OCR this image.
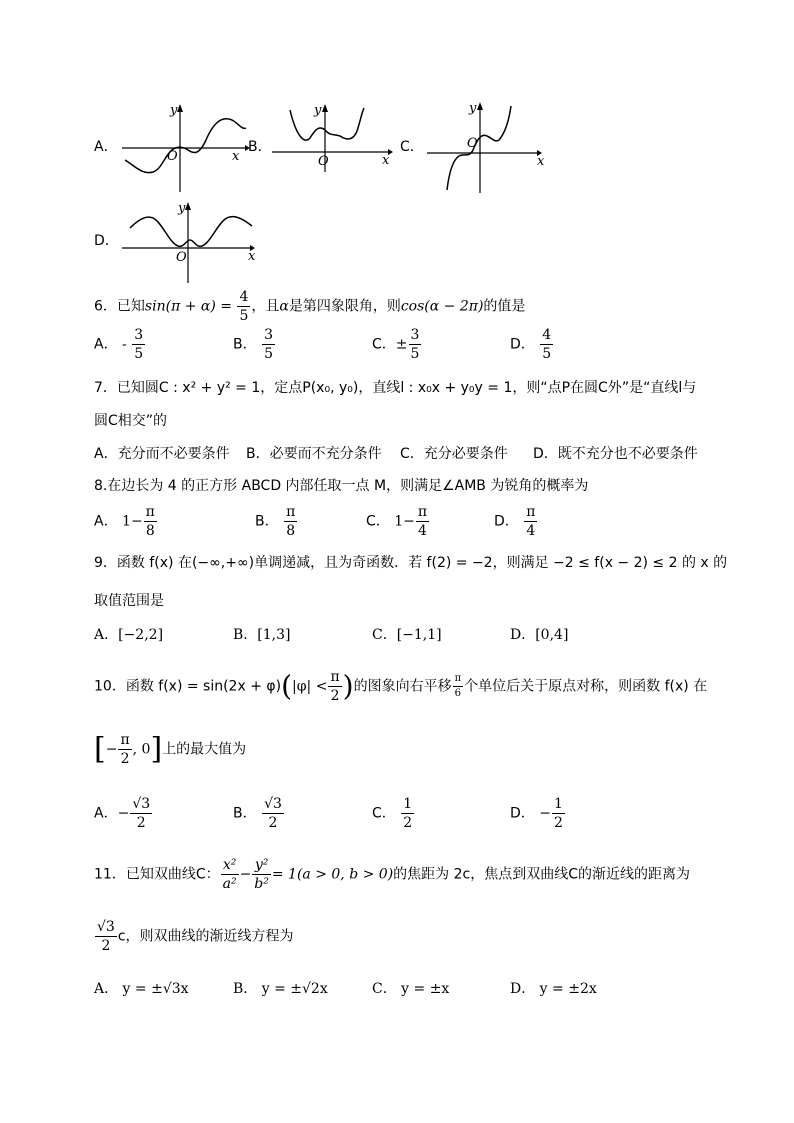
A．
x
y
O
B．
x
y
O
C．
x
y
O
D．
x
y
O
6．已知$\sin(\pi + \alpha) = \frac{4}{5}$ ，且α是第四象限角，则cos(α − 2π)的值是
A． - $\frac{3}{5}$	B． $\frac{3}{5}$	C．± $\frac{3}{5}$	D． $\frac{4}{5}$
7．已知圆C : x² + y² = 1，定点P(x₀, y₀)，直线l : x₀x + y₀y = 1，则“点P在圆C外”是“直线l与
圆C相交”的
A．充分而不必要条件 B．必要而不充分条件 C．充分必要条件 D．既不充分也不必要条件
8.在边长为 4 的正方形 ABCD 内部任取一点 M，则满足∠AMB 为锐角的概率为
A． $1- \frac{\pi}{8}$	B． $\frac{\pi}{8}$	C． $1- \frac{\pi}{4}$	D． $\frac{\pi}{4}$
9．函数 f(x) 在(−∞,+∞)单调递减，且为奇函数．若 f(2) = −2，则满足 −2 ≤ f(x − 2) ≤ 2 的 x 的
取值范围是
A．[−2,2]	B．[1,3]	C．[−1,1]	D．[0,4]
10．函数 $f(x) = \sin(2x + \varphi)(|\varphi| < \frac{\pi}{2}$ )的图象向右平移 $\frac{\pi}{6}$ 个单位后关于原点对称，则函数 f(x) 在
[− $\frac{\pi}{2}$ , 0]上的最大值为
A．− $\frac{√3}{2}$	B． $\frac{√3}{2}$	C． $\frac{1}{2}$	D． − $\frac{1}{2}$
11．已知双曲线C： $\frac{\text{x²}}{\text{a²}} - \frac{\text{y²}}{\text{b²}} = 1(a > 0$, b > 0)的焦距为 2c，焦点到双曲线C的渐近线的距离为
$\frac{√3}{2}$ c，则双曲线的渐近线方程为
A． y = ±√3x	B． y = ±√2x	C． y = ±x	D． y = ±2x
